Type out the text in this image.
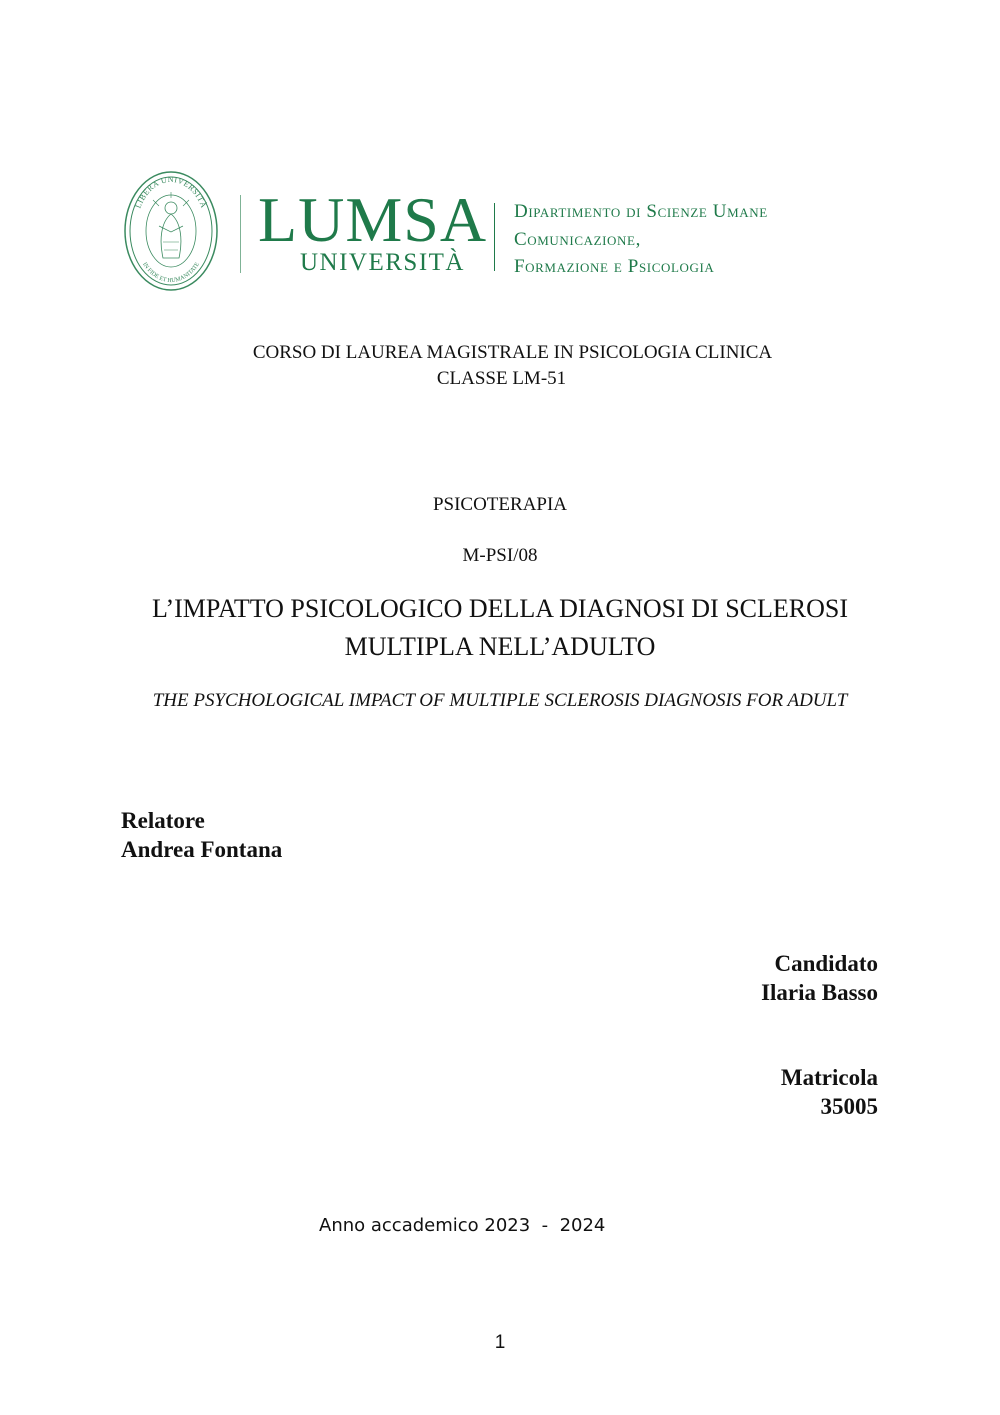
LIBERA UNIVERSITÀ
IN FIDE ET HUMANITATE
LUMSA
UNIVERSITÀ
Dipartimento di Scienze Umane
Comunicazione,
Formazione e Psicologia
CORSO DI LAUREA MAGISTRALE IN PSICOLOGIA CLINICA
CLASSE LM-51
PSICOTERAPIA
M-PSI/08
L’IMPATTO PSICOLOGICO DELLA DIAGNOSI DI SCLEROSI
MULTIPLA NELL’ADULTO
THE PSYCHOLOGICAL IMPACT OF MULTIPLE SCLEROSIS DIAGNOSIS FOR ADULT
Relatore
Andrea Fontana
Candidato
Ilaria Basso
Matricola
35005
Anno accademico 2023  -  2024
1
